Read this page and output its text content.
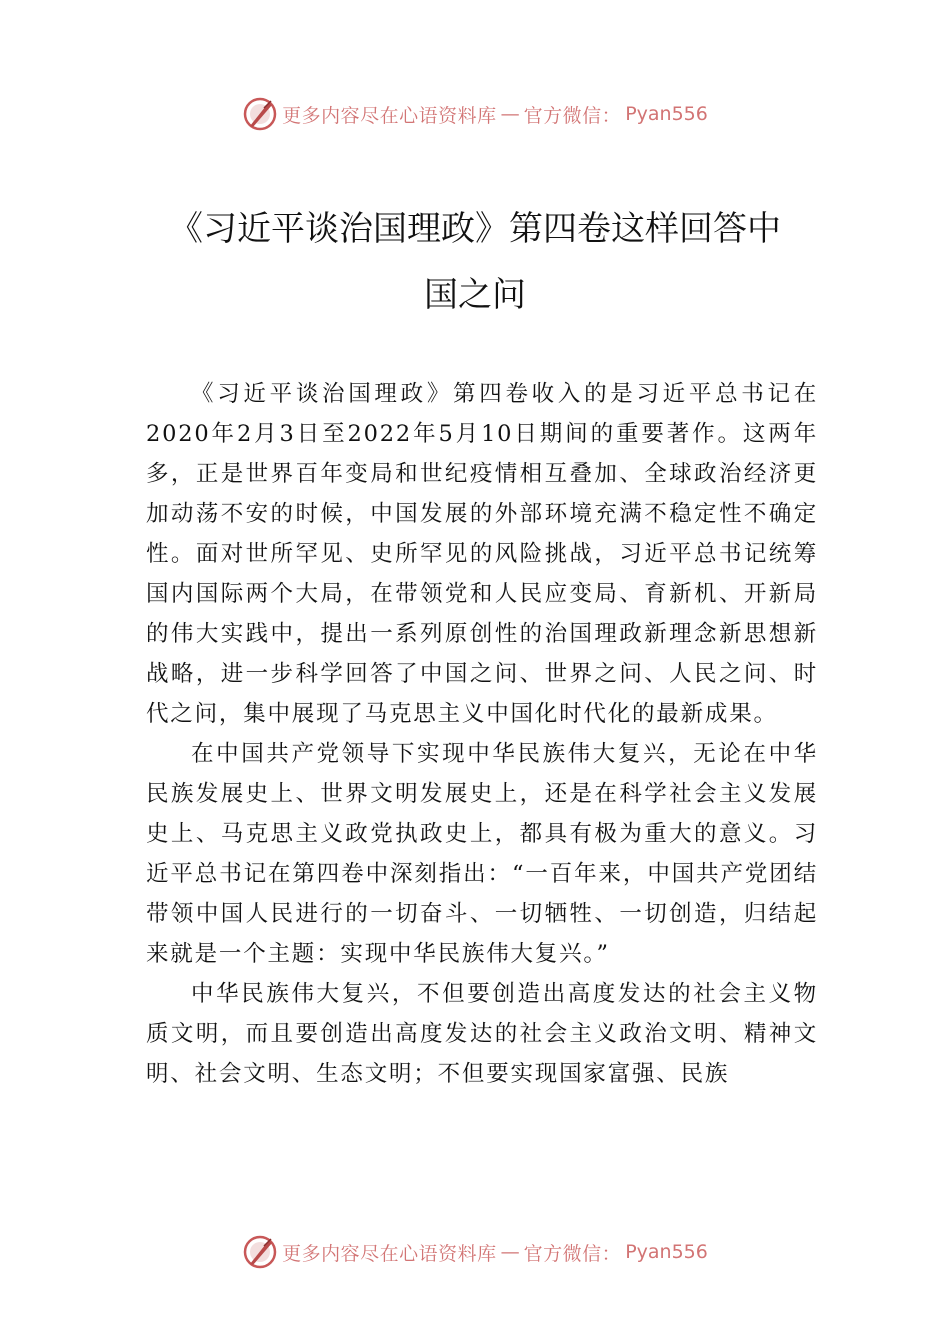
更多内容尽在心语资料库 — 官方微信： Pyan556
《习近平谈治国理政》第四卷这样回答中
国之问

《习近平谈治国理政》第四卷收入的是习近平总书记在2020年2月3日至2022年5月10日期间的重要著作。这两年多，正是世界百年变局和世纪疫情相互叠加、全球政治经济更加动荡不安的时候，中国发展的外部环境充满不稳定性不确定性。面对世所罕见、史所罕见的风险挑战，习近平总书记统筹国内国际两个大局，在带领党和人民应变局、育新机、开新局的伟大实践中，提出一系列原创性的治国理政新理念新思想新战略，进一步科学回答了中国之问、世界之问、人民之问、时代之问，集中展现了马克思主义中国化时代化的最新成果。

在中国共产党领导下实现中华民族伟大复兴，无论在中华民族发展史上、世界文明发展史上，还是在科学社会主义发展史上、马克思主义政党执政史上，都具有极为重大的意义。习近平总书记在第四卷中深刻指出：“一百年来，中国共产党团结带领中国人民进行的一切奋斗、一切牺牲、一切创造，归结起来就是一个主题：实现中华民族伟大复兴。”

中华民族伟大复兴，不但要创造出高度发达的社会主义物质文明，而且要创造出高度发达的社会主义政治文明、精神文明、社会文明、生态文明；不但要实现国家富强、民族

更多内容尽在心语资料库 — 官方微信： Pyan556
